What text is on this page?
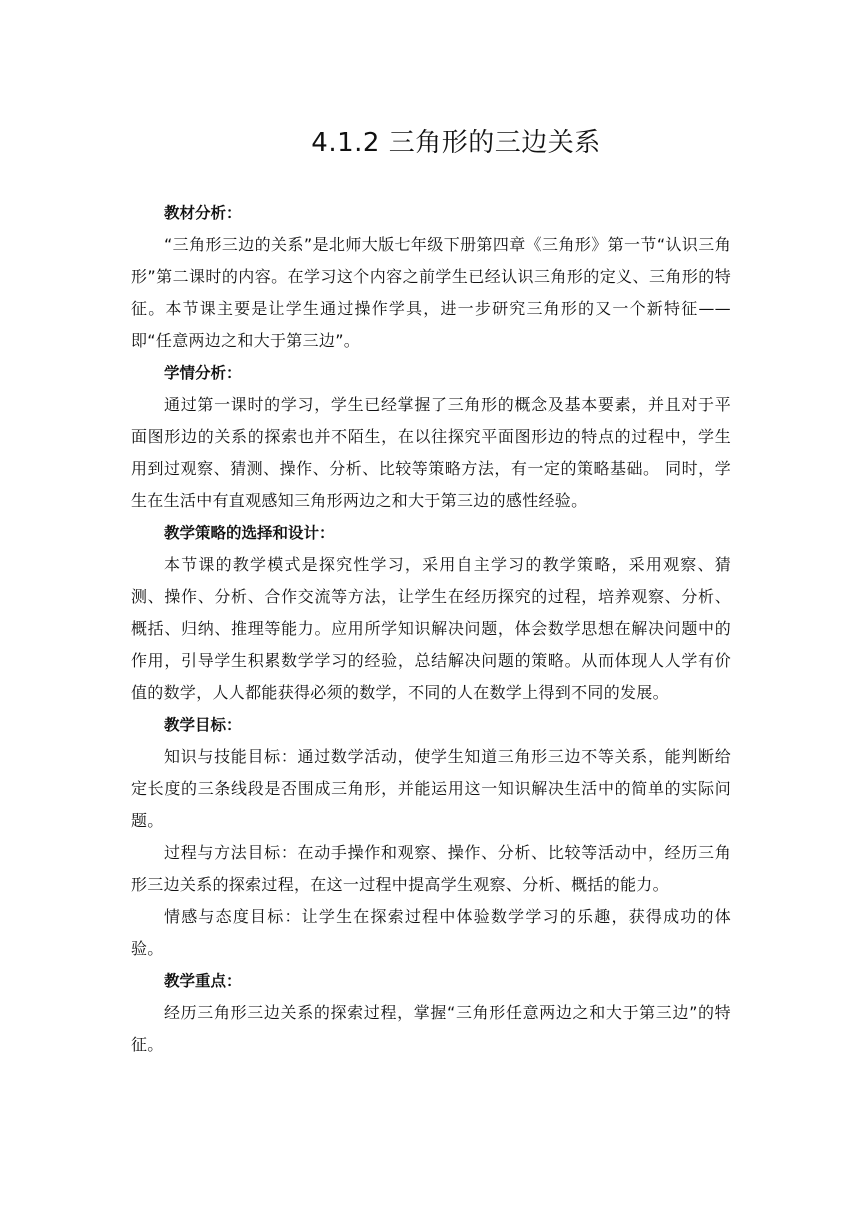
4.1.2 三角形的三边关系

教材分析：

“三角形三边的关系”是北师大版七年级下册第四章《三角形》第一节“认识三角形”第二课时的内容。在学习这个内容之前学生已经认识三角形的定义、三角形的特征。本节课主要是让学生通过操作学具，进一步研究三角形的又一个新特征——即“任意两边之和大于第三边”。

学情分析：

通过第一课时的学习，学生已经掌握了三角形的概念及基本要素，并且对于平面图形边的关系的探索也并不陌生，在以往探究平面图形边的特点的过程中，学生用到过观察、猜测、操作、分析、比较等策略方法，有一定的策略基础。 同时，学生在生活中有直观感知三角形两边之和大于第三边的感性经验。

教学策略的选择和设计：

本节课的教学模式是探究性学习，采用自主学习的教学策略，采用观察、猜测、操作、分析、合作交流等方法，让学生在经历探究的过程，培养观察、分析、概括、归纳、推理等能力。应用所学知识解决问题，体会数学思想在解决问题中的作用，引导学生积累数学学习的经验，总结解决问题的策略。从而体现人人学有价值的数学，人人都能获得必须的数学，不同的人在数学上得到不同的发展。

教学目标：

知识与技能目标：通过数学活动，使学生知道三角形三边不等关系，能判断给定长度的三条线段是否围成三角形，并能运用这一知识解决生活中的简单的实际问题。

过程与方法目标：在动手操作和观察、操作、分析、比较等活动中，经历三角形三边关系的探索过程，在这一过程中提高学生观察、分析、概括的能力。

情感与态度目标：让学生在探索过程中体验数学学习的乐趣，获得成功的体验。

教学重点：

经历三角形三边关系的探索过程，掌握“三角形任意两边之和大于第三边”的特征。
